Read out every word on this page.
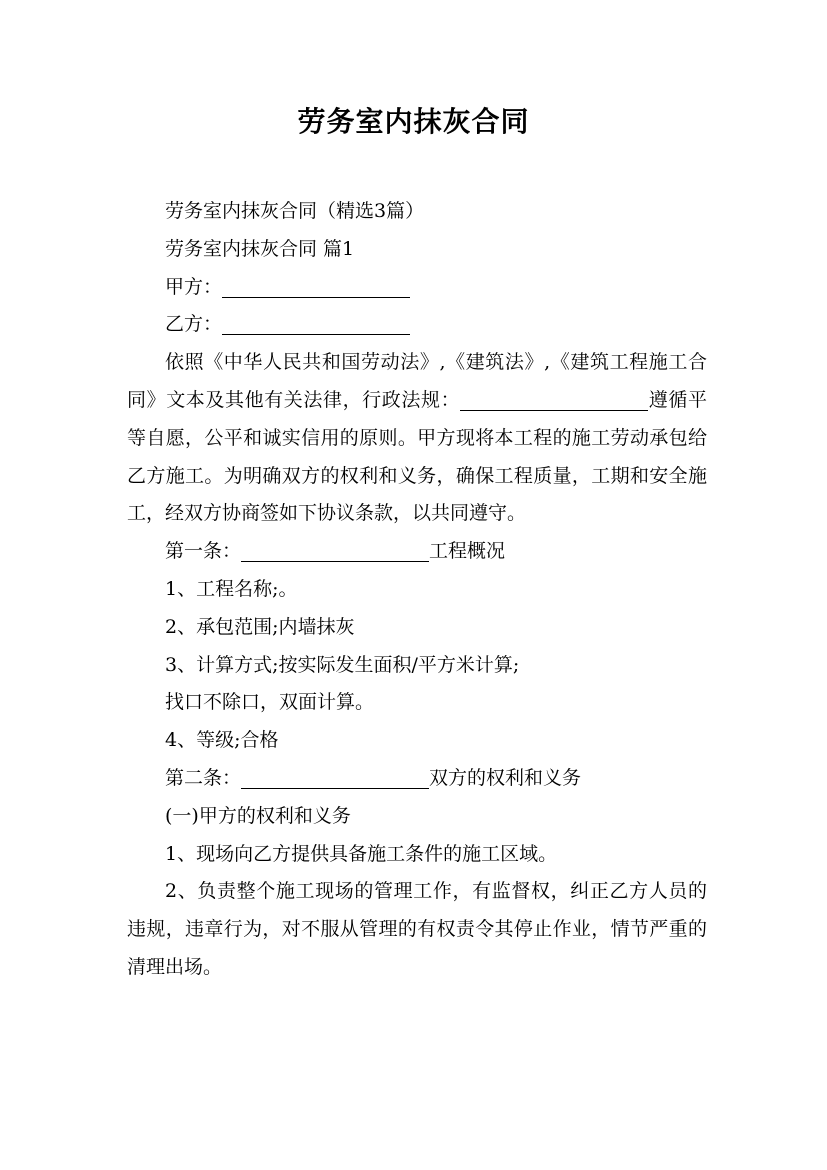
劳务室内抹灰合同

劳务室内抹灰合同（精选3篇）

劳务室内抹灰合同 篇1

甲方：

乙方：

依照《中华人民共和国劳动法》,《建筑法》,《建筑工程施工合同》文本及其他有关法律，行政法规：	遵循平等自愿，公平和诚实信用的原则。甲方现将本工程的施工劳动承包给乙方施工。为明确双方的权利和义务，确保工程质量，工期和安全施工，经双方协商签如下协议条款，以共同遵守。

第一条：	工程概况

1、工程名称;。

2、承包范围;内墙抹灰

3、计算方式;按实际发生面积/平方米计算;

找口不除口，双面计算。

4、等级;合格

第二条：	双方的权利和义务

(一)甲方的权利和义务

1、现场向乙方提供具备施工条件的施工区域。

2、负责整个施工现场的管理工作，有监督权，纠正乙方人员的违规，违章行为，对不服从管理的有权责令其停止作业，情节严重的清理出场。
